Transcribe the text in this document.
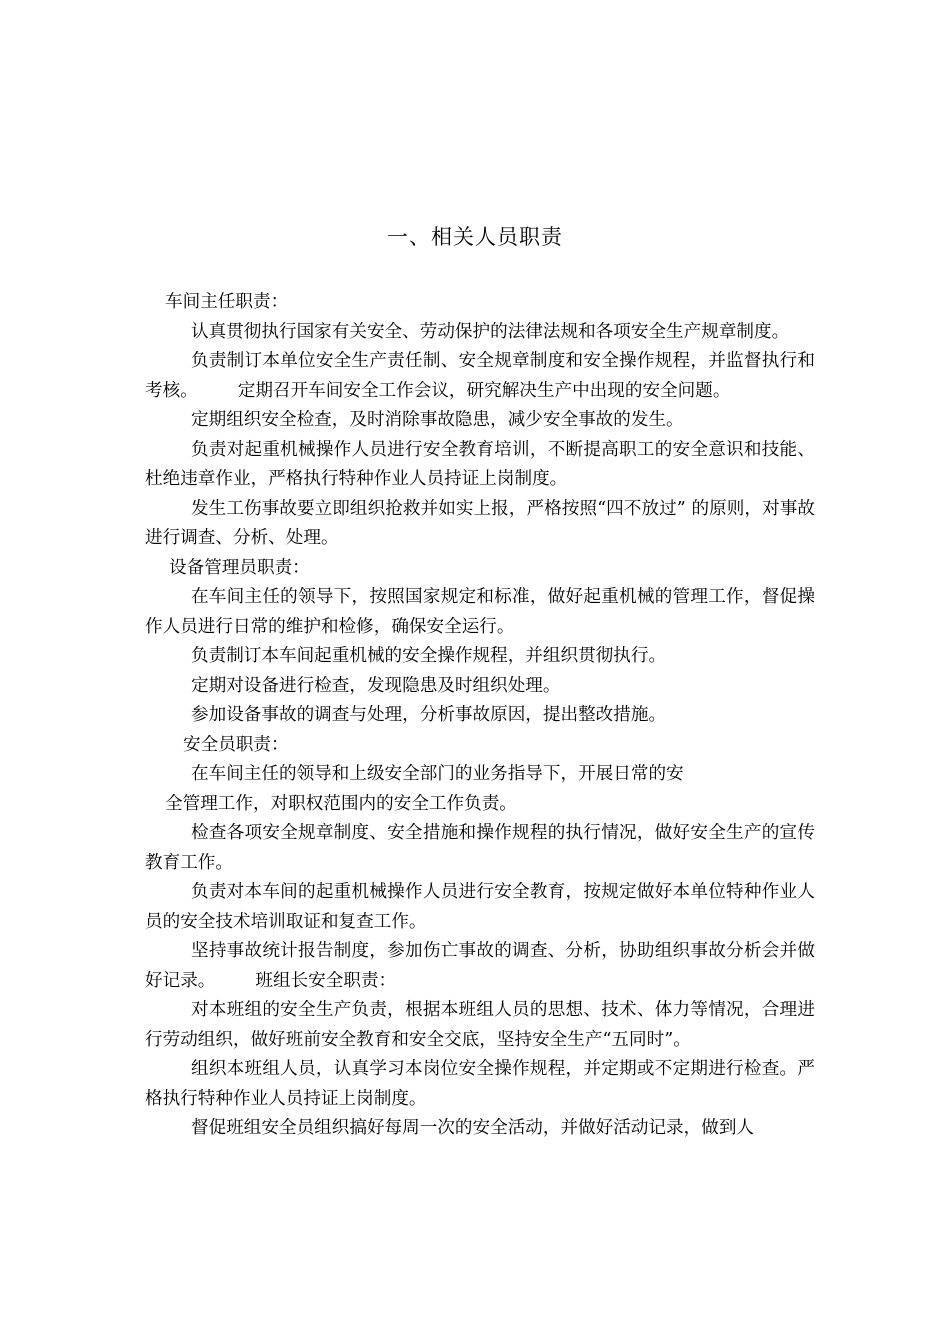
一、相关人员职责

车间主任职责：

认真贯彻执行国家有关安全、劳动保护的法律法规和各项安全生产规章制度。

负责制订本单位安全生产责任制、安全规章制度和安全操作规程，并监督执行和考核。 定期召开车间安全工作会议，研究解决生产中出现的安全问题。

定期组织安全检查，及时消除事故隐患，减少安全事故的发生。

负责对起重机械操作人员进行安全教育培训，不断提高职工的安全意识和技能、杜绝违章作业，严格执行特种作业人员持证上岗制度。

发生工伤事故要立即组织抢救并如实上报，严格按照“四不放过” 的原则，对事故进行调查、分析、处理。

设备管理员职责：

在车间主任的领导下，按照国家规定和标准，做好起重机械的管理工作，督促操作人员进行日常的维护和检修，确保安全运行。

负责制订本车间起重机械的安全操作规程，并组织贯彻执行。

定期对设备进行检查，发现隐患及时组织处理。

参加设备事故的调查与处理，分析事故原因，提出整改措施。

安全员职责：

在车间主任的领导和上级安全部门的业务指导下，开展日常的安

全管理工作，对职权范围内的安全工作负责。

检查各项安全规章制度、安全措施和操作规程的执行情况，做好安全生产的宣传教育工作。

负责对本车间的起重机械操作人员进行安全教育，按规定做好本单位特种作业人员的安全技术培训取证和复查工作。

坚持事故统计报告制度，参加伤亡事故的调查、分析，协助组织事故分析会并做好记录。 班组长安全职责：

对本班组的安全生产负责，根据本班组人员的思想、技术、体力等情况，合理进行劳动组织，做好班前安全教育和安全交底，坚持安全生产“五同时”。

组织本班组人员，认真学习本岗位安全操作规程，并定期或不定期进行检查。严格执行特种作业人员持证上岗制度。

督促班组安全员组织搞好每周一次的安全活动，并做好活动记录，做到人
